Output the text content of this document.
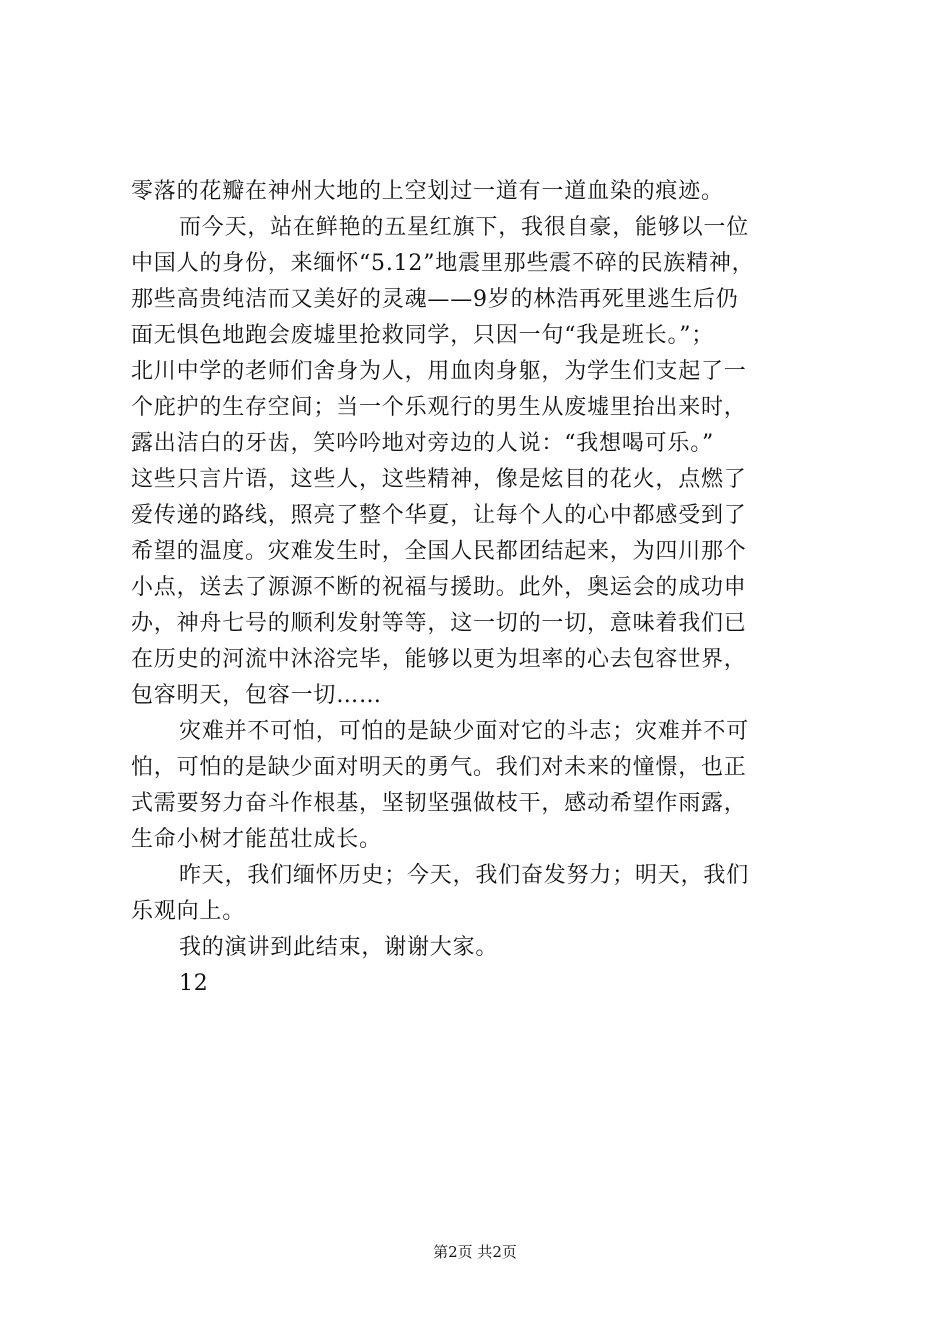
零落的花瓣在神州大地的上空划过一道有一道血染的痕迹。
而今天，站在鲜艳的五星红旗下，我很自豪，能够以一位
中国人的身份，来缅怀“5.12”地震里那些震不碎的民族精神，
那些高贵纯洁而又美好的灵魂——9岁的林浩再死里逃生后仍
面无惧色地跑会废墟里抢救同学，只因一句“我是班长。”；
北川中学的老师们舍身为人，用血肉身躯，为学生们支起了一
个庇护的生存空间；当一个乐观行的男生从废墟里抬出来时，
露出洁白的牙齿，笑吟吟地对旁边的人说：“我想喝可乐。”
这些只言片语，这些人，这些精神，像是炫目的花火，点燃了
爱传递的路线，照亮了整个华夏，让每个人的心中都感受到了
希望的温度。灾难发生时，全国人民都团结起来，为四川那个
小点，送去了源源不断的祝福与援助。此外，奥运会的成功申
办，神舟七号的顺利发射等等，这一切的一切，意味着我们已
在历史的河流中沐浴完毕，能够以更为坦率的心去包容世界，
包容明天，包容一切……
灾难并不可怕，可怕的是缺少面对它的斗志；灾难并不可
怕，可怕的是缺少面对明天的勇气。我们对未来的憧憬，也正
式需要努力奋斗作根基，坚韧坚强做枝干，感动希望作雨露，
生命小树才能茁壮成长。
昨天，我们缅怀历史；今天，我们奋发努力；明天，我们
乐观向上。
我的演讲到此结束，谢谢大家。
12
第2页 共2页
